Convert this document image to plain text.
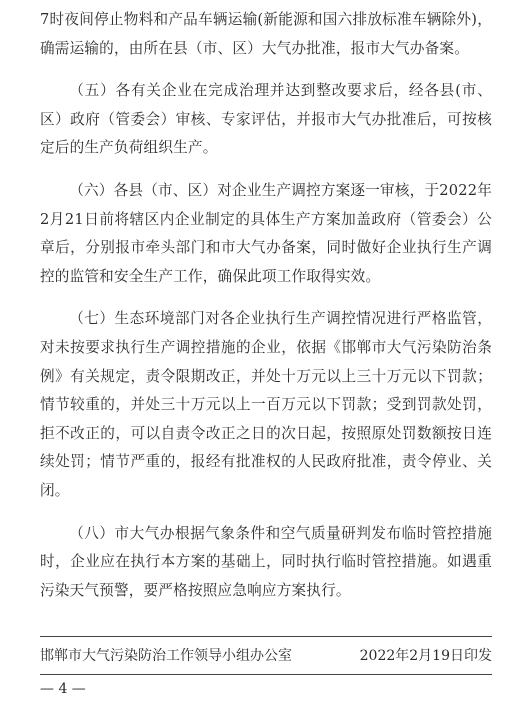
7时夜间停止物料和产品车辆运输(新能源和国六排放标准车辆除外)，确需运输的，由所在县（市、区）大气办批准，报市大气办备案。

（五）各有关企业在完成治理并达到整改要求后，经各县(市、区）政府（管委会）审核、专家评估，并报市大气办批准后，可按核定后的生产负荷组织生产。

（六）各县（市、区）对企业生产调控方案逐一审核，于2022年2月21日前将辖区内企业制定的具体生产方案加盖政府（管委会）公章后，分别报市牵头部门和市大气办备案，同时做好企业执行生产调控的监管和安全生产工作，确保此项工作取得实效。

（七）生态环境部门对各企业执行生产调控情况进行严格监管，对未按要求执行生产调控措施的企业，依据《邯郸市大气污染防治条例》有关规定，责令限期改正，并处十万元以上三十万元以下罚款；情节较重的，并处三十万元以上一百万元以下罚款；受到罚款处罚，拒不改正的，可以自责令改正之日的次日起，按照原处罚数额按日连续处罚；情节严重的，报经有批准权的人民政府批准，责令停业、关闭。

（八）市大气办根据气象条件和空气质量研判发布临时管控措施时，企业应在执行本方案的基础上，同时执行临时管控措施。如遇重污染天气预警，要严格按照应急响应方案执行。

邯郸市大气污染防治工作领导小组办公室	2022年2月19日印发
— 4 —
